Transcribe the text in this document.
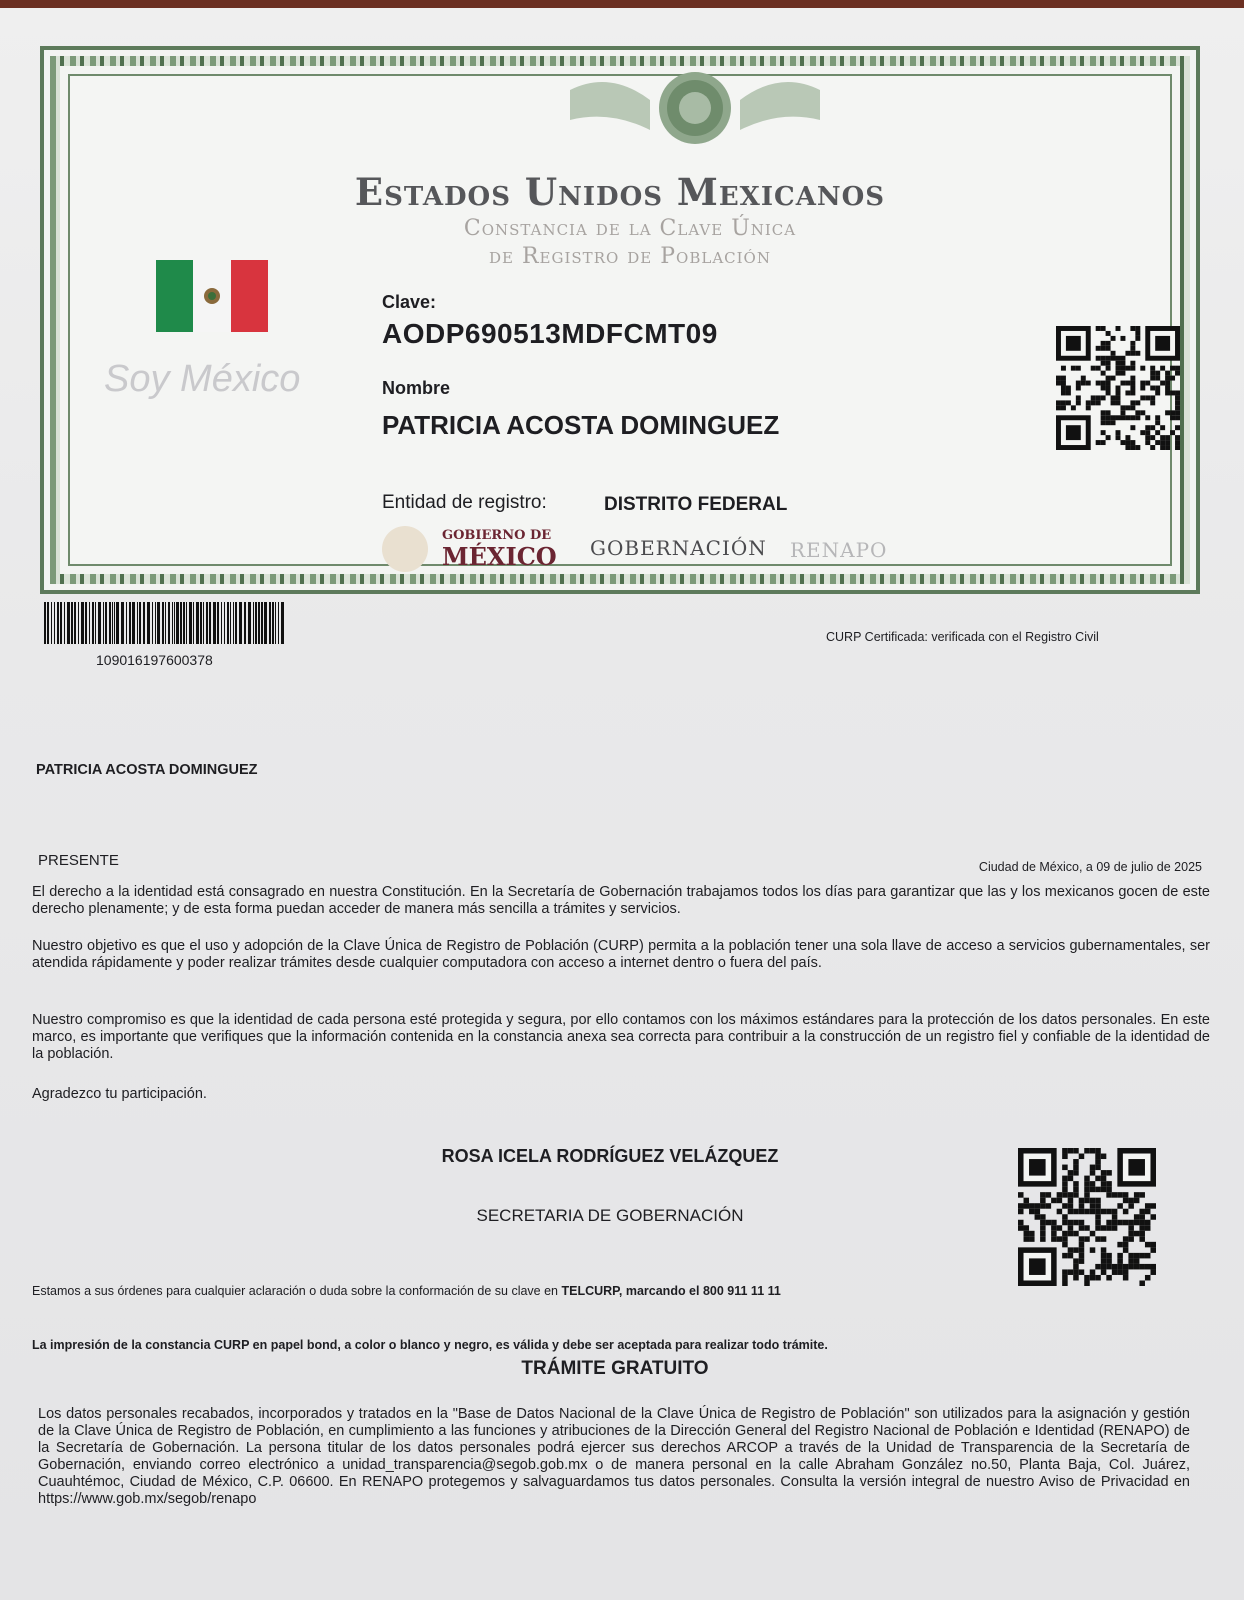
Estados Unidos Mexicanos
Constancia de la Clave Única
de Registro de Población
Soy México
Clave:
AODP690513MDFCMT09
Nombre
PATRICIA ACOSTA DOMINGUEZ
Entidad de registro:	DISTRITO FEDERAL
GOBIERNO DE
MÉXICO GOBERNACIÓN RENAPO
109016197600378
CURP Certificada: verificada con el Registro Civil
PATRICIA ACOSTA DOMINGUEZ
PRESENTE	Ciudad de México, a 09 de julio de 2025
El derecho a la identidad está consagrado en nuestra Constitución. En la Secretaría de Gobernación trabajamos todos los días para garantizar que las y los mexicanos gocen de este derecho plenamente; y de esta forma puedan acceder de manera más sencilla a trámites y servicios.
Nuestro objetivo es que el uso y adopción de la Clave Única de Registro de Población (CURP) permita a la población tener una sola llave de acceso a servicios gubernamentales, ser atendida rápidamente y poder realizar trámites desde cualquier computadora con acceso a internet dentro o fuera del país.
Nuestro compromiso es que la identidad de cada persona esté protegida y segura, por ello contamos con los máximos estándares para la protección de los datos personales. En este marco, es importante que verifiques que la información contenida en la constancia anexa sea correcta para contribuir a la construcción de un registro fiel y confiable de la identidad de la población.
Agradezco tu participación.
ROSA ICELA RODRÍGUEZ VELÁZQUEZ
SECRETARIA DE GOBERNACIÓN
Estamos a sus órdenes para cualquier aclaración o duda sobre la conformación de su clave en TELCURP, marcando el 800 911 11 11
La impresión de la constancia CURP en papel bond, a color o blanco y negro, es válida y debe ser aceptada para realizar todo trámite.
TRÁMITE GRATUITO
Los datos personales recabados, incorporados y tratados en la "Base de Datos Nacional de la Clave Única de Registro de Población" son utilizados para la asignación y gestión de la Clave Única de Registro de Población, en cumplimiento a las funciones y atribuciones de la Dirección General del Registro Nacional de Población e Identidad (RENAPO) de la Secretaría de Gobernación. La persona titular de los datos personales podrá ejercer sus derechos ARCOP a través de la Unidad de Transparencia de la Secretaría de Gobernación, enviando correo electrónico a unidad_transparencia@segob.gob.mx o de manera personal en la calle Abraham González no.50, Planta Baja, Col. Juárez, Cuauhtémoc, Ciudad de México, C.P. 06600. En RENAPO protegemos y salvaguardamos tus datos personales. Consulta la versión integral de nuestro Aviso de Privacidad en https://www.gob.mx/segob/renapo
